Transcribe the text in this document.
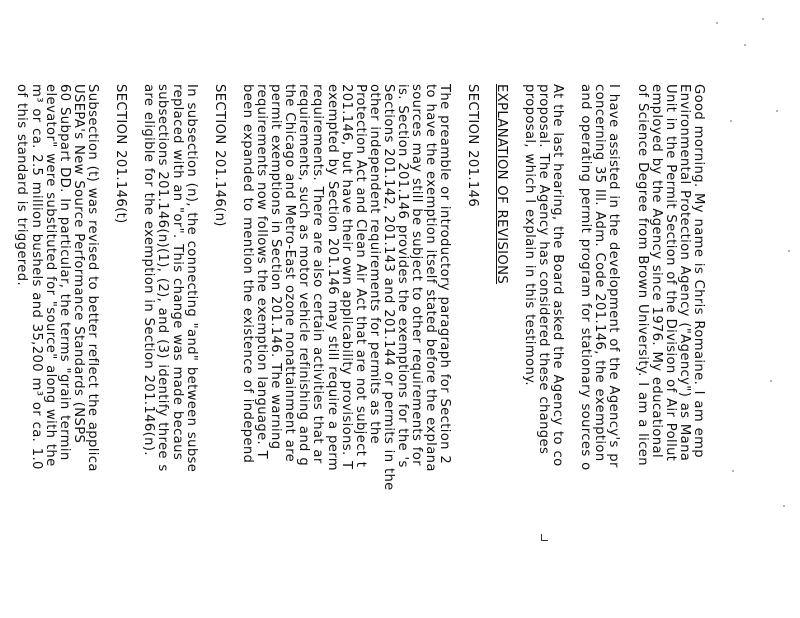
Good morning. My name is Chris Romaine. I am emp
Environmental Protection Agency ("Agency") as Mana
Unit in the Permit Section of the Division of Air Pollut
employed by the Agency since 1976. My educational
of Science Degree from Brown University. I am a licen
I have assisted in the development of the Agency's pr
concerning 35 Ill. Adm. Code 201.146, the exemption
and operating permit program for stationary sources o
At the last hearing, the Board asked the Agency to co
proposal. The Agency has considered these changes
proposal, which I explain in this testimony.
EXPLANATION OF REVISIONS
SECTION 201.146
The preamble or introductory paragraph for Section 2
to have the exemption itself stated before the explana
sources may still be subject to other requirements for
is. Section 201.146 provides the exemptions for the 's
Sections 201.142, 201.143 and 201.144 or permits in the
other independent requirements for permits as the
Protection Act and Clean Air Act that are not subject t
201.146, but have their own applicability provisions. T
exempted by Section 201.146 may still require a perm
requirements. There are also certain activities that ar
requirements, such as motor vehicle refinishing and g
the Chicago and Metro-East ozone nonattainment are
permit exemptions in Section 201.146. The warning
requirements now follows the exemption language. T
been expanded to mention the existence of independ
SECTION 201.146(n)
In subsection (n), the connecting "and" between subse
replaced with an "or". This change was made becaus
subsections 201.146(n)(1), (2), and (3) identify three s
are eligible for the exemption in Section 201.146(n).
SECTION 201.146(t)
Subsection (t) was revised to better reflect the applica
USEPA's New Source Performance Standards (NSPS
60 Subpart DD. In particular, the terms "grain termin
elevator" were substituted for "source" along with the
m³ or ca. 2.5 million bushels and 35,200 m³ or ca. 1.0
of this standard is triggered.
